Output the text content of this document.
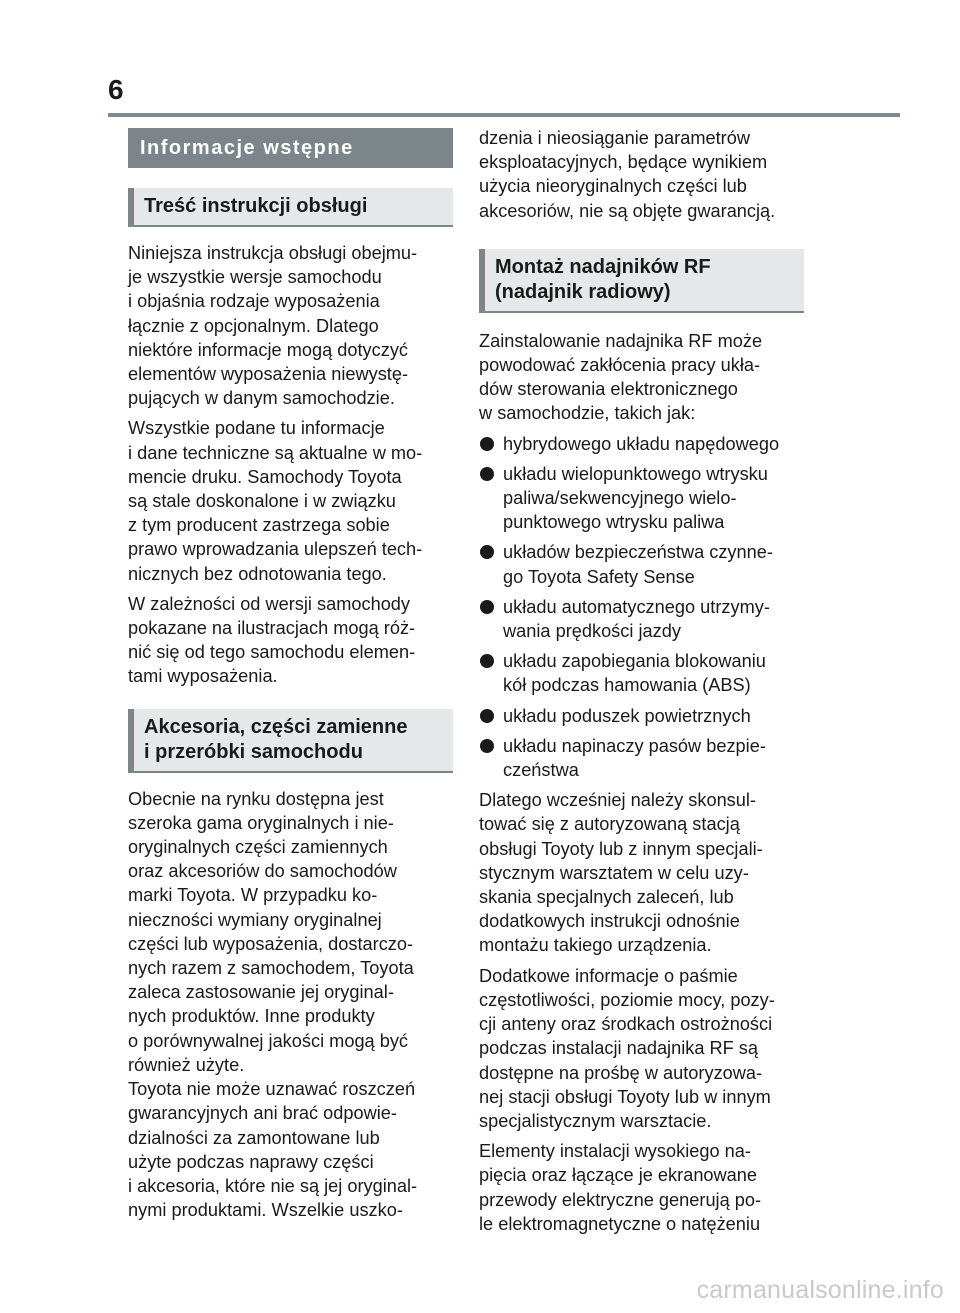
6
Informacje wstępne
Treść instrukcji obsługi
Niniejsza instrukcja obsługi obejmu-
je wszystkie wersje samochodu
i objaśnia rodzaje wyposażenia
łącznie z opcjonalnym. Dlatego
niektóre informacje mogą dotyczyć
elementów wyposażenia niewystę-
pujących w danym samochodzie.
Wszystkie podane tu informacje
i dane techniczne są aktualne w mo-
mencie druku. Samochody Toyota
są stale doskonalone i w związku
z tym producent zastrzega sobie
prawo wprowadzania ulepszeń tech-
nicznych bez odnotowania tego.
W zależności od wersji samochody
pokazane na ilustracjach mogą róż-
nić się od tego samochodu elemen-
tami wyposażenia.
Akcesoria, części zamienne
i przeróbki samochodu
Obecnie na rynku dostępna jest
szeroka gama oryginalnych i nie-
oryginalnych części zamiennych
oraz akcesoriów do samochodów
marki Toyota. W przypadku ko-
nieczności wymiany oryginalnej
części lub wyposażenia, dostarczo-
nych razem z samochodem, Toyota
zaleca zastosowanie jej oryginal-
nych produktów. Inne produkty
o porównywalnej jakości mogą być
również użyte.
Toyota nie może uznawać roszczeń
gwarancyjnych ani brać odpowie-
dzialności za zamontowane lub
użyte podczas naprawy części
i akcesoria, które nie są jej oryginal-
nymi produktami. Wszelkie uszko-
dzenia i nieosiąganie parametrów
eksploatacyjnych, będące wynikiem
użycia nieoryginalnych części lub
akcesoriów, nie są objęte gwarancją.
Montaż nadajników RF
(nadajnik radiowy)
Zainstalowanie nadajnika RF może
powodować zakłócenia pracy ukła-
dów sterowania elektronicznego
w samochodzie, takich jak:
hybrydowego układu napędowego
układu wielopunktowego wtrysku
paliwa/sekwencyjnego wielo-
punktowego wtrysku paliwa
układów bezpieczeństwa czynne-
go Toyota Safety Sense
układu automatycznego utrzymy-
wania prędkości jazdy
układu zapobiegania blokowaniu
kół podczas hamowania (ABS)
układu poduszek powietrznych
układu napinaczy pasów bezpie-
czeństwa
Dlatego wcześniej należy skonsul-
tować się z autoryzowaną stacją
obsługi Toyoty lub z innym specjali-
stycznym warsztatem w celu uzy-
skania specjalnych zaleceń, lub
dodatkowych instrukcji odnośnie
montażu takiego urządzenia.
Dodatkowe informacje o paśmie
częstotliwości, poziomie mocy, pozy-
cji anteny oraz środkach ostrożności
podczas instalacji nadajnika RF są
dostępne na prośbę w autoryzowa-
nej stacji obsługi Toyoty lub w innym
specjalistycznym warsztacie.
Elementy instalacji wysokiego na-
pięcia oraz łączące je ekranowane
przewody elektryczne generują po-
le elektromagnetyczne o natężeniu
carmanualsonline.info
